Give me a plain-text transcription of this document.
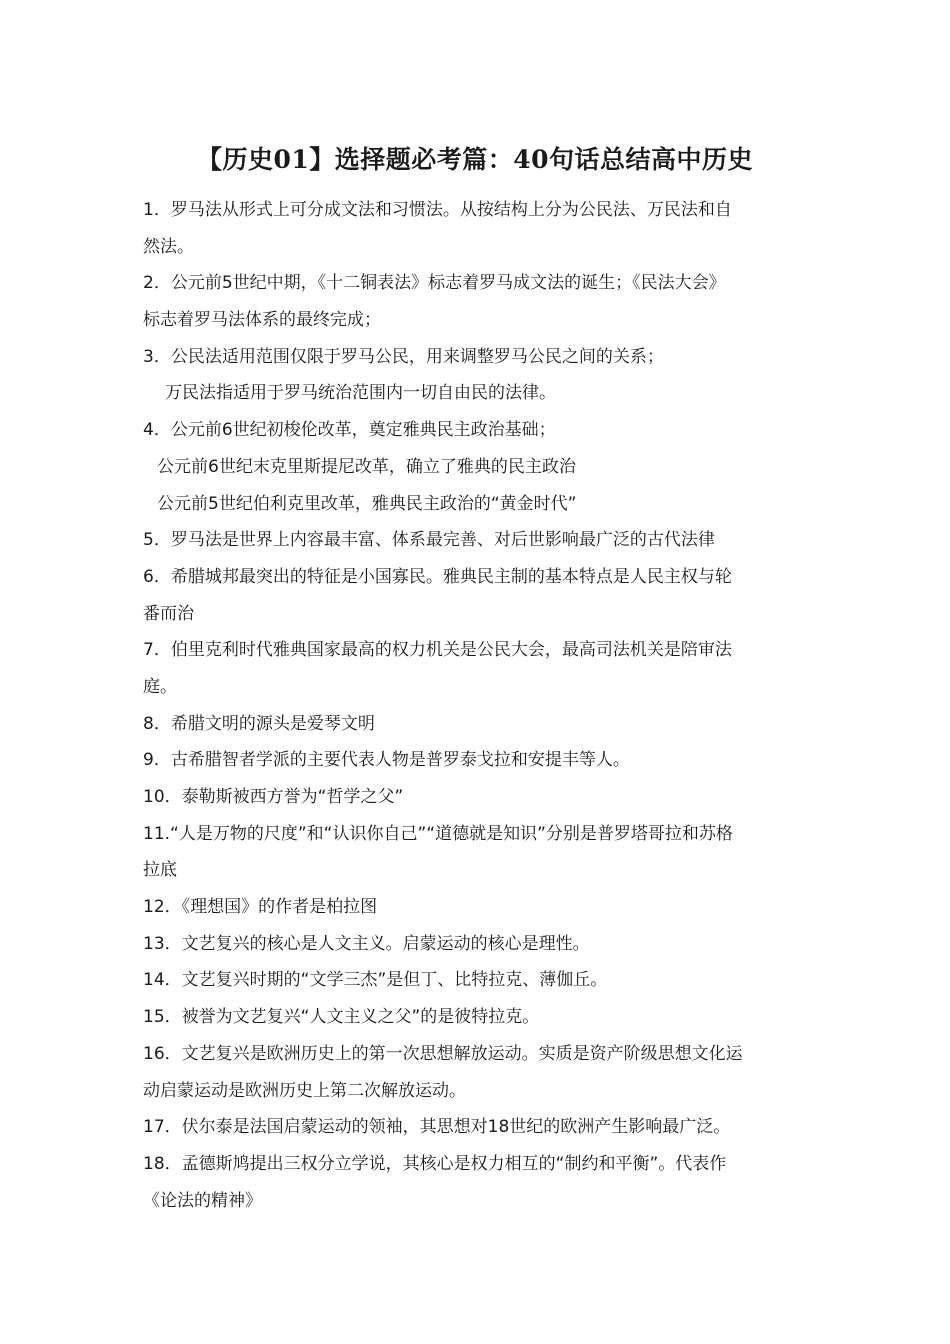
【历史01】选择题必考篇：40句话总结高中历史
1．罗马法从形式上可分成文法和习惯法。从按结构上分为公民法、万民法和自
然法。
2．公元前5世纪中期，《十二铜表法》标志着罗马成文法的诞生；《民法大会》
标志着罗马法体系的最终完成；
3．公民法适用范围仅限于罗马公民，用来调整罗马公民之间的关系；
万民法指适用于罗马统治范围内一切自由民的法律。
4．公元前6世纪初梭伦改革，奠定雅典民主政治基础；
公元前6世纪末克里斯提尼改革，确立了雅典的民主政治
公元前5世纪伯利克里改革，雅典民主政治的“黄金时代”
5．罗马法是世界上内容最丰富、体系最完善、对后世影响最广泛的古代法律
6．希腊城邦最突出的特征是小国寡民。雅典民主制的基本特点是人民主权与轮
番而治
7．伯里克利时代雅典国家最高的权力机关是公民大会，最高司法机关是陪审法
庭。
8．希腊文明的源头是爱琴文明
9．古希腊智者学派的主要代表人物是普罗泰戈拉和安提丰等人。
10．泰勒斯被西方誉为“哲学之父”
11.“人是万物的尺度”和“认识你自己”“道德就是知识”分别是普罗塔哥拉和苏格
拉底
12．《理想国》的作者是柏拉图
13．文艺复兴的核心是人文主义。启蒙运动的核心是理性。
14．文艺复兴时期的“文学三杰”是但丁、比特拉克、薄伽丘。
15．被誉为文艺复兴“人文主义之父”的是彼特拉克。
16．文艺复兴是欧洲历史上的第一次思想解放运动。实质是资产阶级思想文化运
动启蒙运动是欧洲历史上第二次解放运动。
17．伏尔泰是法国启蒙运动的领袖，其思想对18世纪的欧洲产生影响最广泛。
18．孟德斯鸠提出三权分立学说，其核心是权力相互的“制约和平衡”。代表作
《论法的精神》
